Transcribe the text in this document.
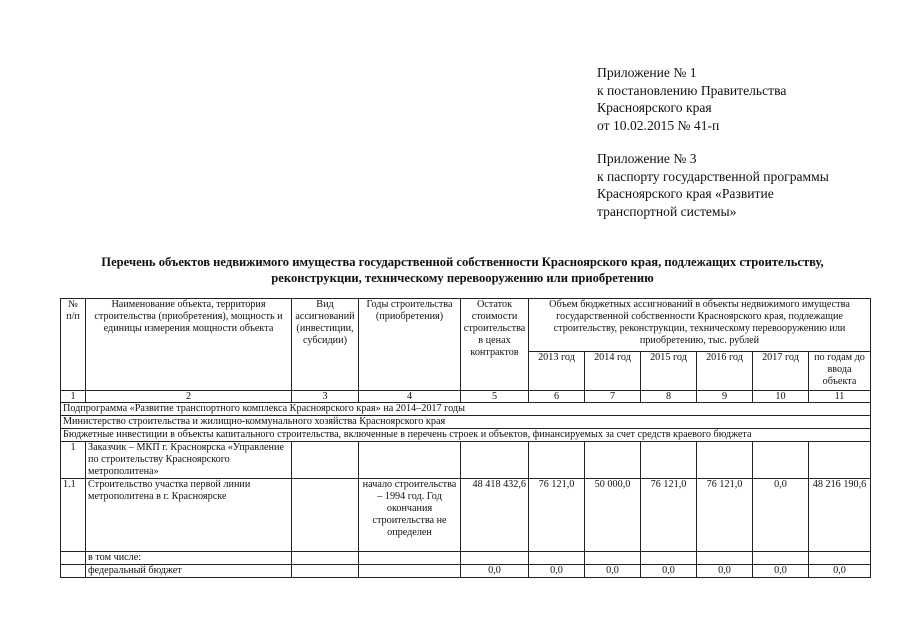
Приложение № 1
к постановлению Правительства
Красноярского края
от 10.02.2015 № 41-п
Приложение № 3
к паспорту государственной программы
Красноярского края «Развитие
транспортной системы»
Перечень объектов недвижимого имущества государственной собственности Красноярского края, подлежащих строительству,
реконструкции, техническому перевооружению или приобретению
№ п/п	Наименование объекта, территория строительства (приобретения), мощность и единицы измерения мощности объекта	Вид ассигнований (инвестиции, субсидии)	Годы строительства (приобретения)	Остаток стоимости строительства в ценах контрактов	Объем бюджетных ассигнований в объекты недвижимого имущества государственной собственности Красноярского края, подлежащие строительству, реконструкции, техническому перевооружению или приобретению, тыс. рублей					
					2013 год	2014 год	2015 год	2016 год	2017 год	по годам до ввода объекта
1	2	3	4	5	6	7	8	9	10	11
Подпрограмма «Развитие транспортного комплекса Красноярского края» на 2014–2017 годы										
Министерство строительства и жилищно-коммунального хозяйства Красноярского края										
Бюджетные инвестиции в объекты капитального строительства, включенные в перечень строек и объектов, финансируемых за счет средств краевого бюджета										
1	Заказчик – МКП г. Красноярска «Управление по строительству Красноярского метрополитена»									
1.1	Строительство участка первой линии метрополитена в г. Красноярске		начало строительства – 1994 год. Год окончания строительства не определен	48 418 432,6	76 121,0	50 000,0	76 121,0	76 121,0	0,0	48 216 190,6
	в том числе:									
	федеральный бюджет			0,0	0,0	0,0	0,0	0,0	0,0	0,0
